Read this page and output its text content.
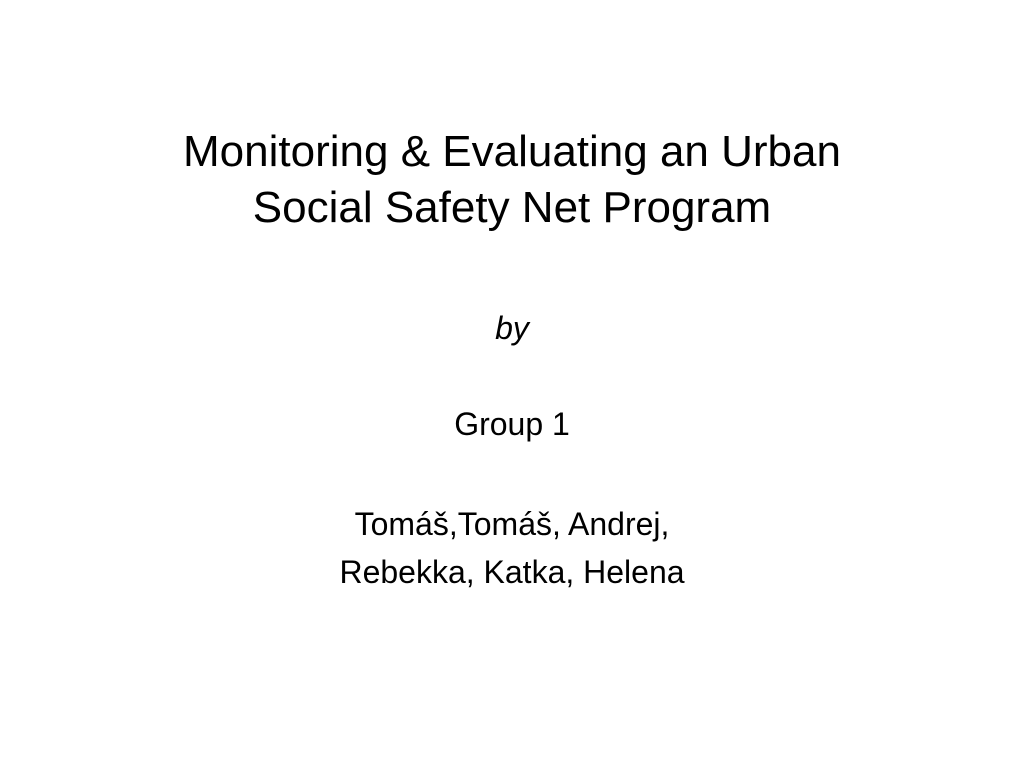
Monitoring & Evaluating an Urban
Social Safety Net Program
by
Group 1
Tomáš,Tomáš, Andrej,
Rebekka, Katka, Helena
